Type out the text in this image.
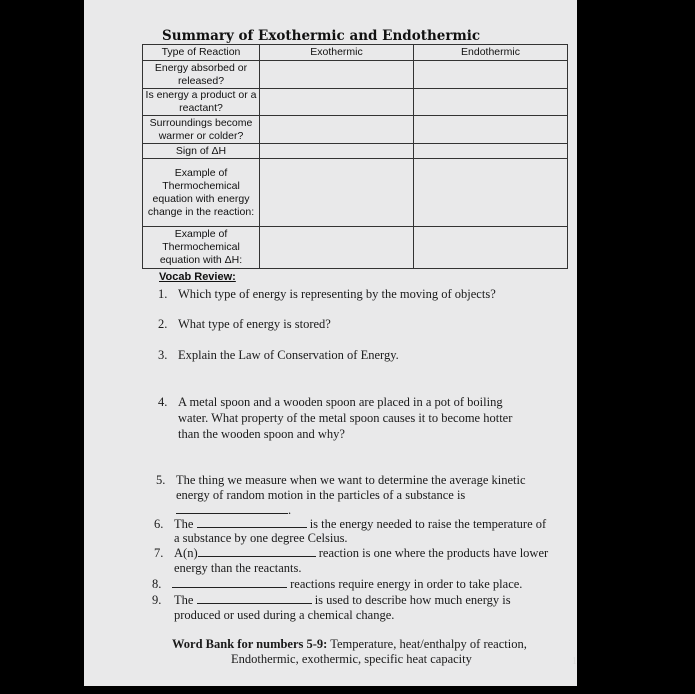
Summary of Exothermic and Endothermic
Type of Reaction	Exothermic	Endothermic
Energy absorbed or released?		
Is energy a product or a reactant?		
Surroundings become warmer or colder?		
Sign of ΔH		
Example of Thermochemical equation with energy change in the reaction:		
Example of Thermochemical equation with ΔH:		
Vocab Review:
1. Which type of energy is representing by the moving of objects?
2. What type of energy is stored?
3. Explain the Law of Conservation of Energy.
4. A metal spoon and a wooden spoon are placed in a pot of boiling
water. What property of the metal spoon causes it to become hotter
than the wooden spoon and why?
5. The thing we measure when we want to determine the average kinetic
energy of random motion in the particles of a substance is
.
6. The	is the energy needed to raise the temperature of
a substance by one degree Celsius.
7. A(n)	reaction is one where the products have lower
energy than the reactants.
8.	reactions require energy in order to take place.
9. The	is used to describe how much energy is
produced or used during a chemical change.
Word Bank for numbers 5-9: Temperature, heat/enthalpy of reaction,
Endothermic, exothermic, specific heat capacity	1
